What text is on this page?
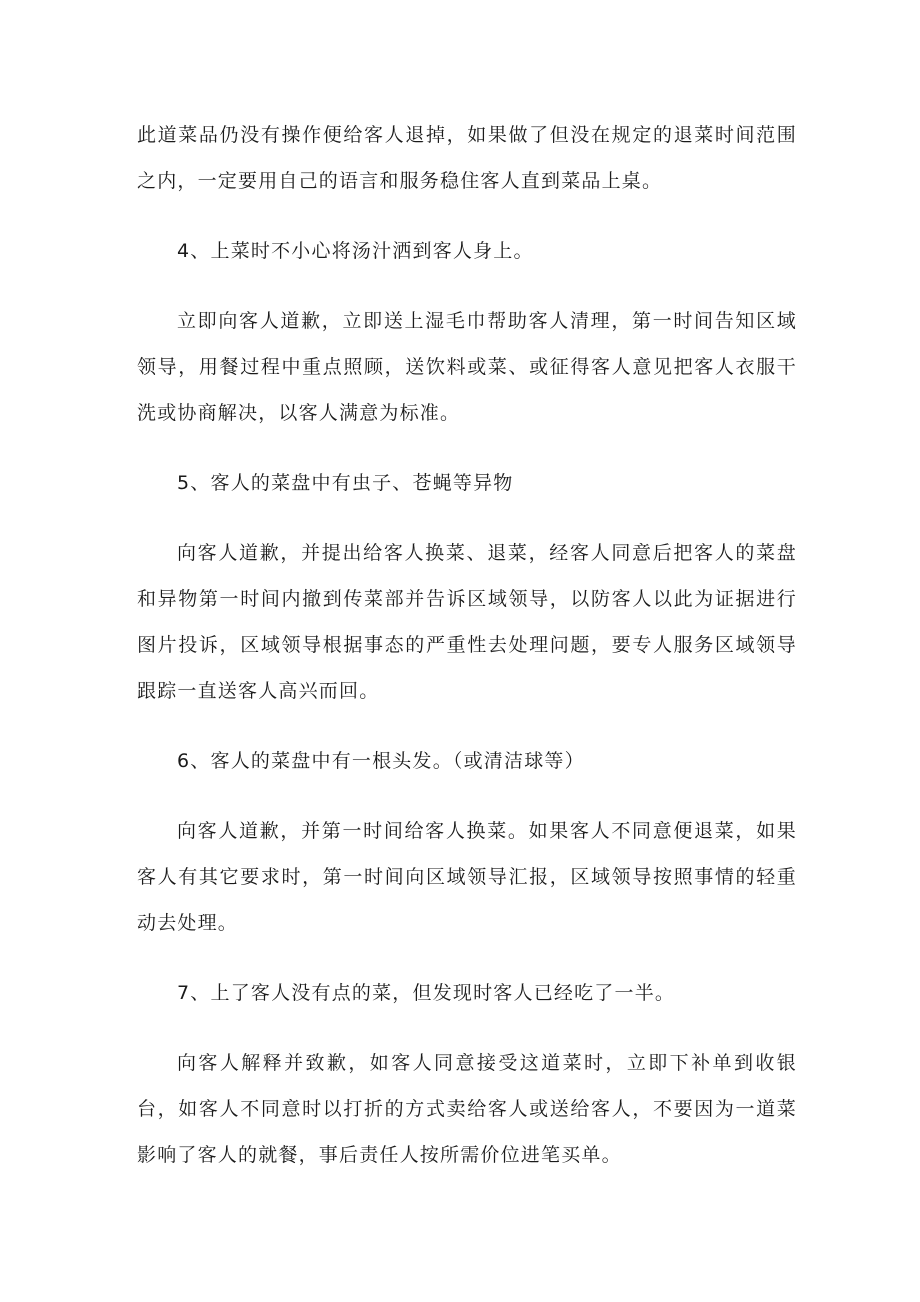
此道菜品仍没有操作便给客人退掉，如果做了但没在规定的退菜时间范围之内，一定要用自己的语言和服务稳住客人直到菜品上桌。

4、上菜时不小心将汤汁洒到客人身上。

立即向客人道歉，立即送上湿毛巾帮助客人清理，第一时间告知区域领导，用餐过程中重点照顾，送饮料或菜、或征得客人意见把客人衣服干洗或协商解决，以客人满意为标准。

5、客人的菜盘中有虫子、苍蝇等异物

向客人道歉，并提出给客人换菜、退菜，经客人同意后把客人的菜盘和异物第一时间内撤到传菜部并告诉区域领导，以防客人以此为证据进行图片投诉，区域领导根据事态的严重性去处理问题，要专人服务区域领导跟踪一直送客人高兴而回。

6、客人的菜盘中有一根头发。（或清洁球等）

向客人道歉，并第一时间给客人换菜。如果客人不同意便退菜，如果客人有其它要求时，第一时间向区域领导汇报，区域领导按照事情的轻重动去处理。

7、上了客人没有点的菜，但发现时客人已经吃了一半。

向客人解释并致歉，如客人同意接受这道菜时，立即下补单到收银台，如客人不同意时以打折的方式卖给客人或送给客人，不要因为一道菜影响了客人的就餐，事后责任人按所需价位进笔买单。
